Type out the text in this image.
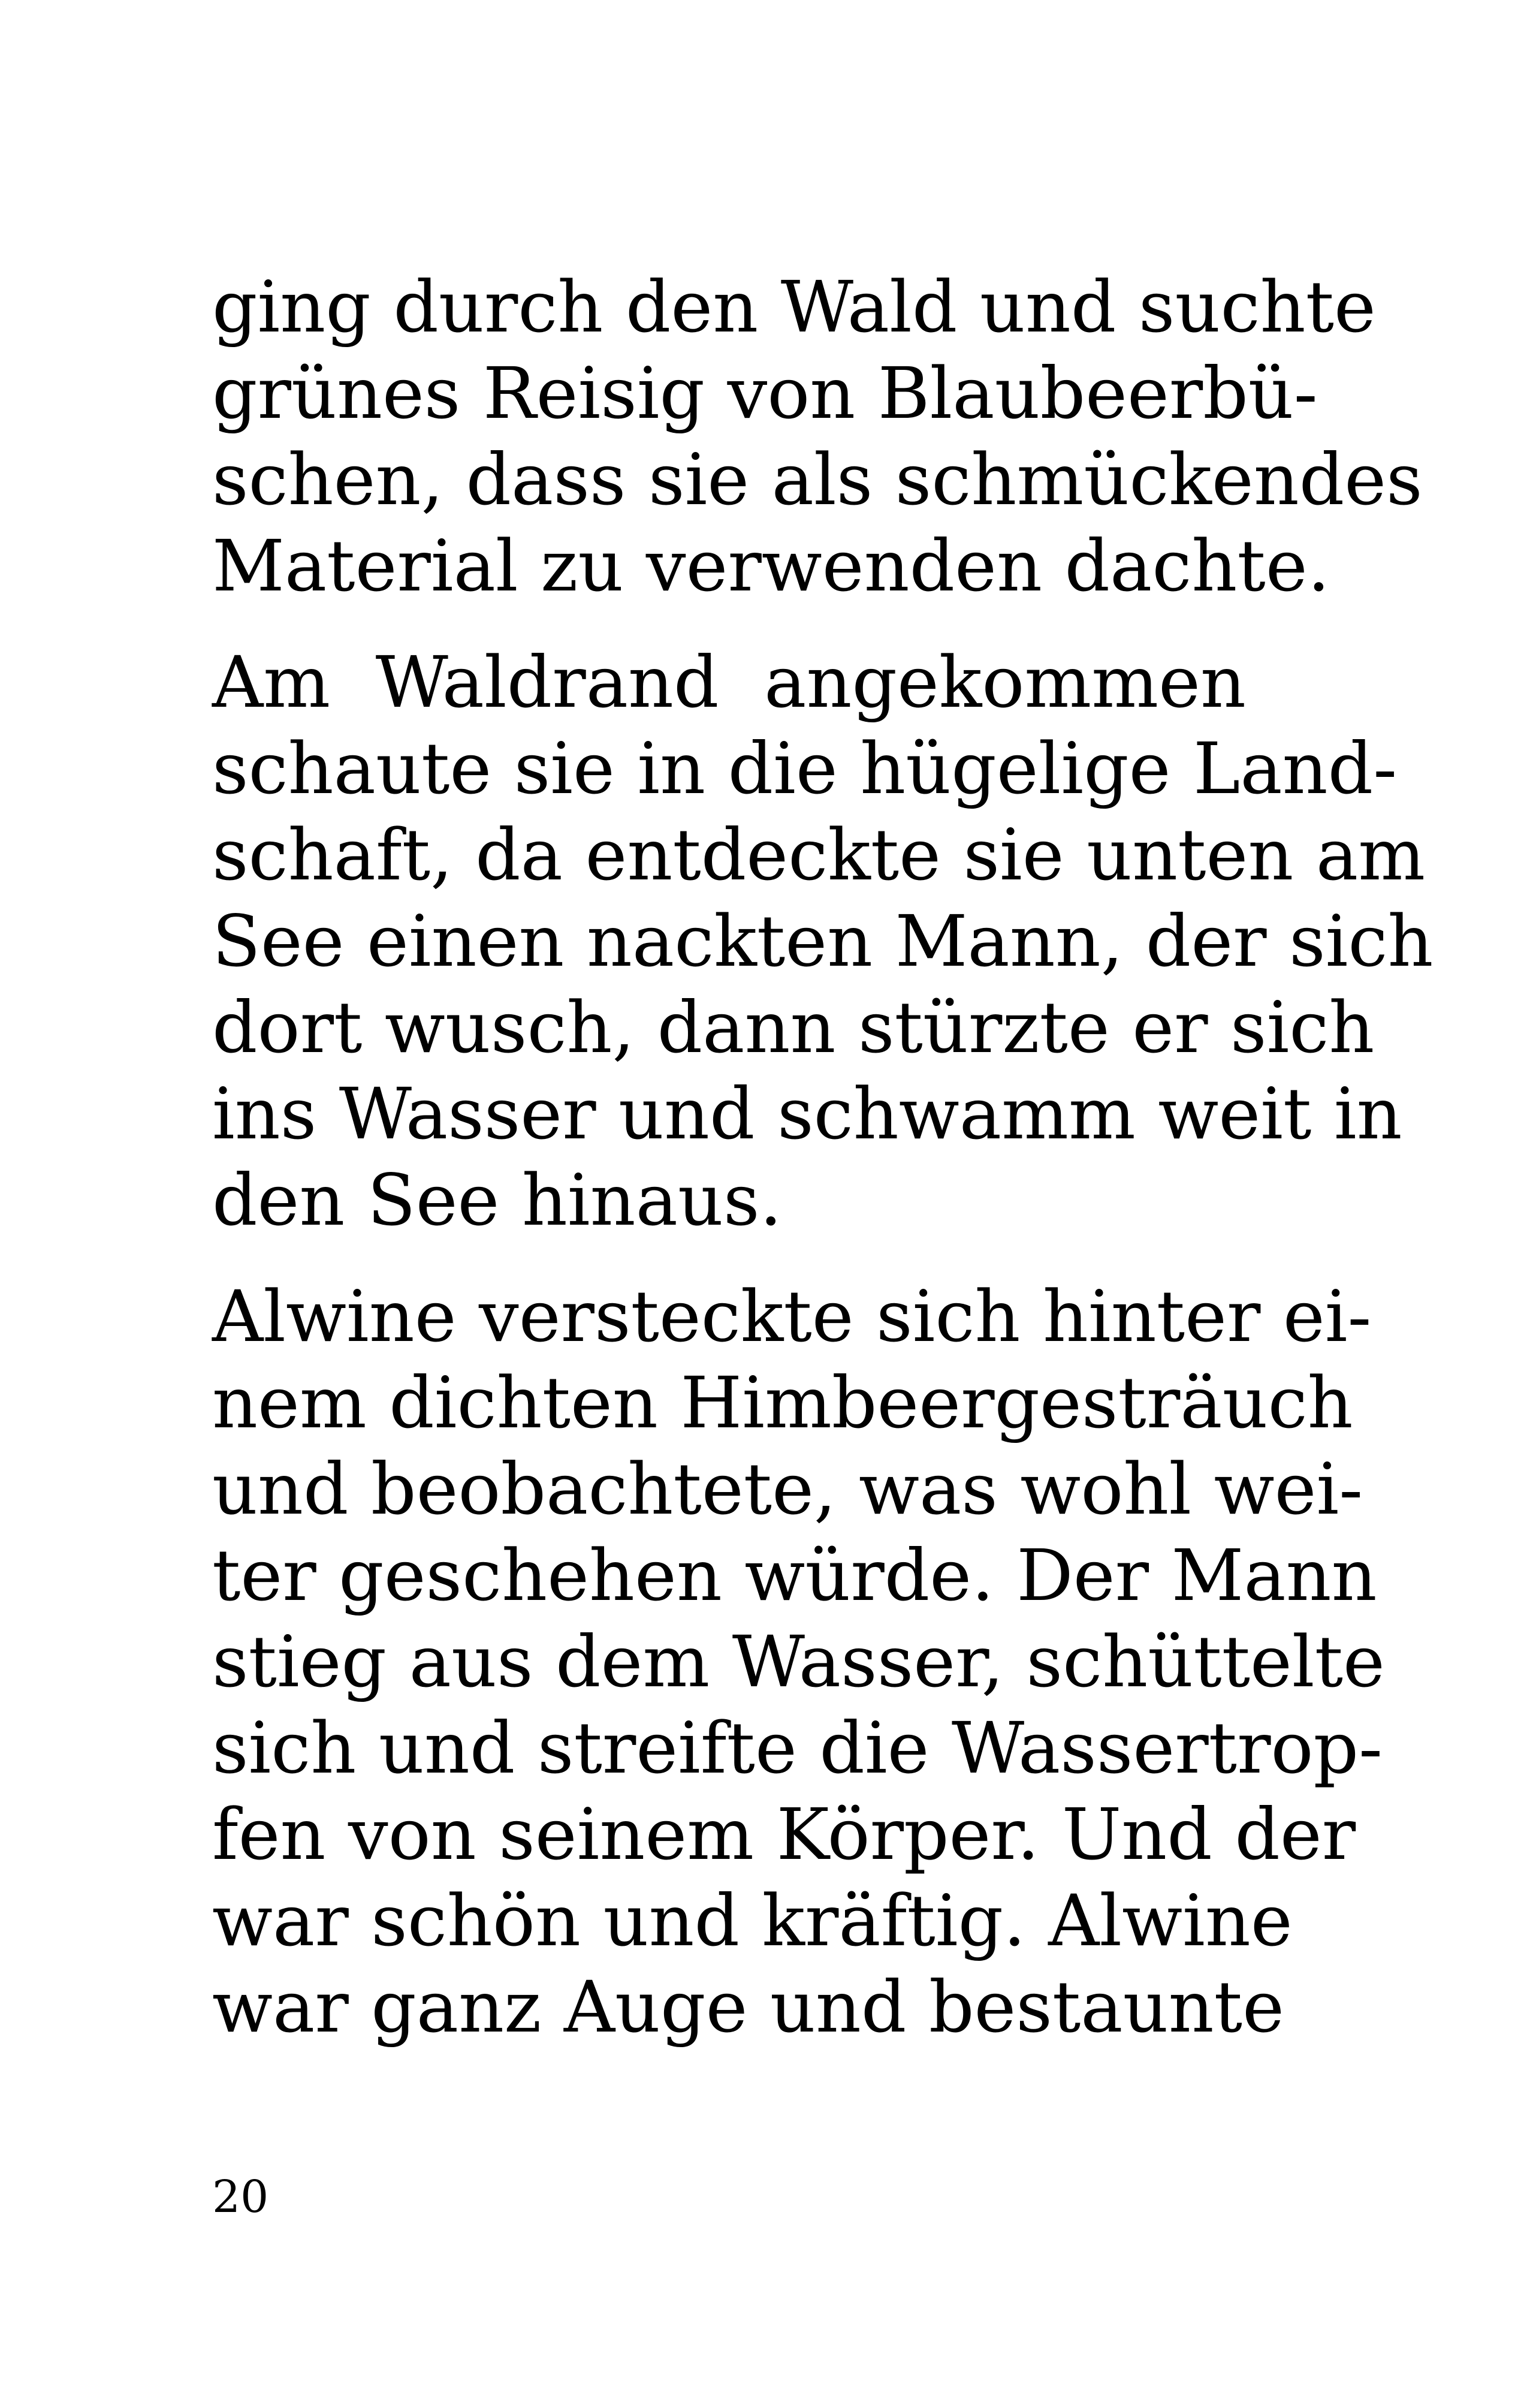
ging durch den Wald und suchte
grünes Reisig von Blaubeerbü-
schen, dass sie als schmückendes
Material zu verwenden dachte.
Am Waldrand angekommen
schaute sie in die hügelige Land-
schaft, da entdeckte sie unten am
See einen nackten Mann, der sich
dort wusch, dann stürzte er sich
ins Wasser und schwamm weit in
den See hinaus.
Alwine versteckte sich hinter ei-
nem dichten Himbeergesträuch
und beobachtete, was wohl wei-
ter geschehen würde. Der Mann
stieg aus dem Wasser, schüttelte
sich und streifte die Wassertrop-
fen von seinem Körper. Und der
war schön und kräftig. Alwine
war ganz Auge und bestaunte
20
